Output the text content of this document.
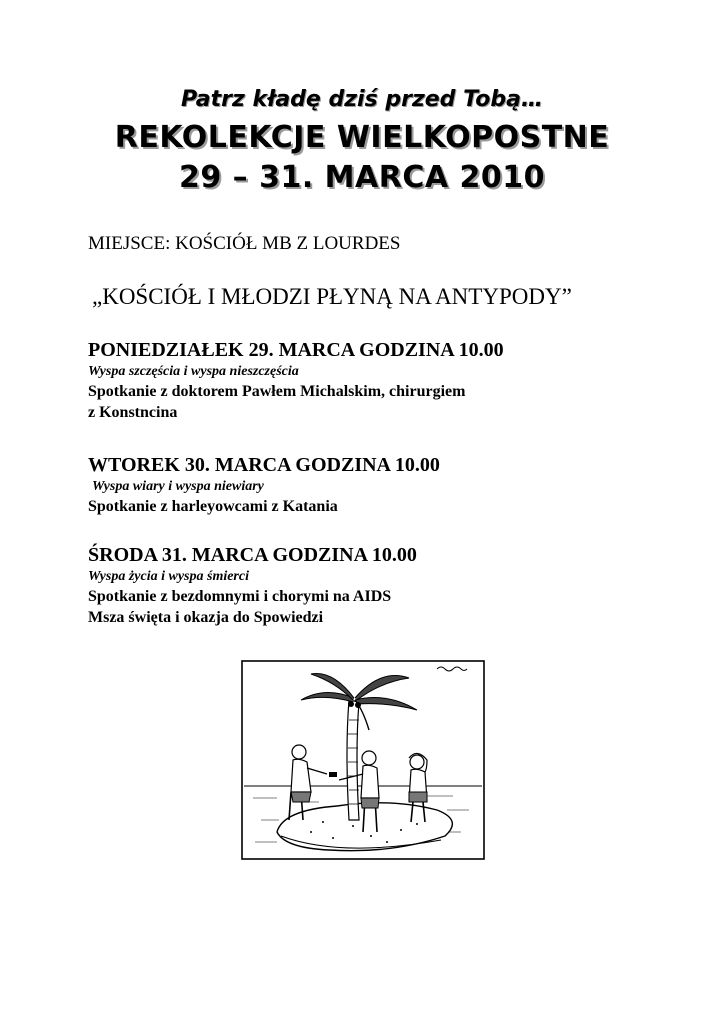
Patrz kładę dziś przed Tobą…
REKOLEKCJE WIELKOPOSTNE
29 – 31. MARCA 2010
MIEJSCE: KOŚCIÓŁ MB Z LOURDES
„KOŚCIÓŁ I MŁODZI PŁYNĄ NA ANTYPODY”
PONIEDZIAŁEK 29. MARCA GODZINA 10.00
Wyspa szczęścia i wyspa nieszczęścia
Spotkanie z doktorem Pawłem Michalskim, chirurgiem
z Konstncina
WTOREK 30. MARCA GODZINA 10.00
Wyspa wiary i wyspa niewiary
Spotkanie z harleyowcami z Katania
ŚRODA 31. MARCA GODZINA 10.00
Wyspa życia i wyspa śmierci
Spotkanie z bezdomnymi i chorymi na AIDS
Msza święta i okazja do Spowiedzi
